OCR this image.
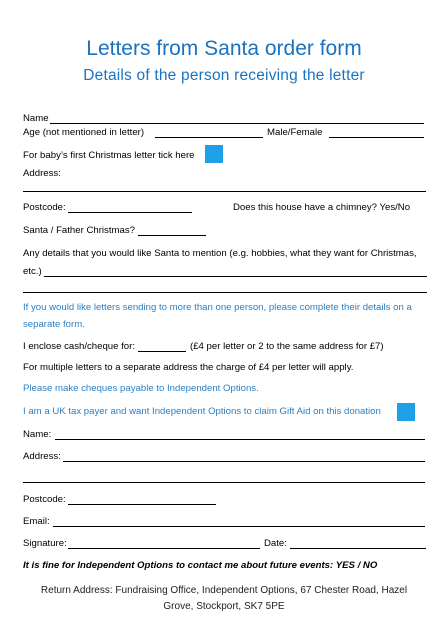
Letters from Santa order form
Details of the person receiving the letter
Name
Age (not mentioned in letter)	Male/Female
For baby’s first Christmas letter tick here
Address:
Postcode:	Does this house have a chimney? Yes/No
Santa / Father Christmas?
Any details that you would like Santa to mention (e.g. hobbies, what they want for Christmas,
etc.)
If you would like letters sending to more than one person, please complete their details on a
separate form.
I enclose cash/cheque for:	(£4 per letter or 2 to the same address for £7)
For multiple letters to a separate address the charge of £4 per letter will apply.
Please make cheques payable to Independent Options.
I am a UK tax payer and want Independent Options to claim Gift Aid on this donation
Name:
Address:
Postcode:
Email:
Signature:	Date:
It is fine for Independent Options to contact me about future events: YES / NO
Return Address: Fundraising Office, Independent Options, 67 Chester Road, Hazel
Grove, Stockport, SK7 5PE
